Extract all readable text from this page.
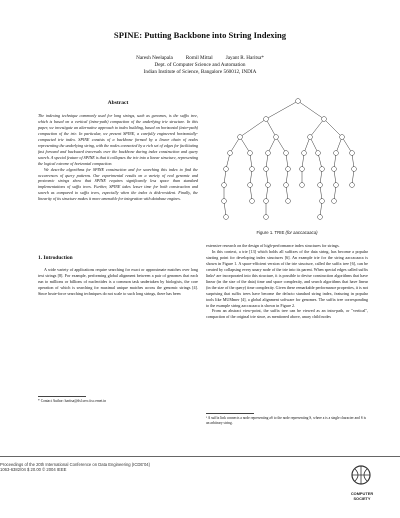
SPINE: Putting Backbone into String Indexing
Naresh Neelapala          Romil Mittal          Jayant R. Haritsa*
Dept. of Computer Science and Automation
Indian Institute of Science, Bangalore 560012, INDIA
Abstract

The indexing technique commonly used for long strings, such as genomes, is the suffix tree, which is based on a vertical (intra-path) compaction of the underlying trie structure. In this paper, we investigate an alternative approach to index building, based on horizontal (inter-path) compaction of the trie. In particular, we present SPINE, a carefully engineered horizontally-compacted trie index. SPINE consists of a backbone formed by a linear chain of nodes representing the underlying string, with the nodes connected by a rich set of edges for facilitating fast forward and backward traversals over the backbone during index construction and query search. A special feature of SPINE is that it collapses the trie into a linear structure, representing the logical extreme of horizontal compaction.

We describe algorithms for SPINE construction and for searching this index to find the occurrences of query patterns. Our experimental results on a variety of real genomic and proteomic strings show that SPINE requires significantly less space than standard implementations of suffix trees. Further, SPINE takes lesser time for both construction and search as compared to suffix trees, especially when the index is disk-resident. Finally, the linearity of its structure makes it more amenable for integration with database engines.

1. Introduction

A wide variety of applications require searching for exact or approximate matches over long text strings [8]. For example, performing global alignment between a pair of genomes that each run to millions or billions of nucleotides is a common task undertaken by biologists, the core operation of which is searching for maximal unique matches across the genomic strings [4]. Since brute-force searching techniques do not scale to such long strings, there has been

* Contact Author: haritsa@dsl.serc.iisc.ernet.in
Figure 1. TRIE (for aaccacaaca)

extensive research on the design of high-performance index structures for strings.

In this context, a trie [13] which holds all suffixes of the data string, has become a popular starting point for developing index structures [6]. An example trie for the string aaccacaaca is shown in Figure 1. A space-efficient version of the trie structure, called the suffix tree [6], can be created by collapsing every unary node of the trie into its parent. When special edges called suffix links¹ are incorporated into this structure, it is possible to devise construction algorithms that have linear (in the size of the data) time and space complexity, and search algorithms that have linear (in the size of the query) time complexity. Given these remarkable performance properties, it is not surprising that suffix trees have become the defacto standard string index, featuring in popular tools like MUMmer [4], a global alignment software for genomes. The suffix tree corresponding to the example string aaccacaaca is shown in Figure 2.

From an abstract view-point, the suffix tree can be viewed as an intra-path, or "vertical", compaction of the original trie since, as mentioned above, unary child nodes

¹ A suffix link connects a node representing aS to the node representing S, where a is a single character and S is an arbitrary string.
Proceedings of the 20th International Conference on Data Engineering (ICDE'04)
1063-6382/04 $ 20.00 © 2004 IEEE
COMPUTER
SOCIETY
